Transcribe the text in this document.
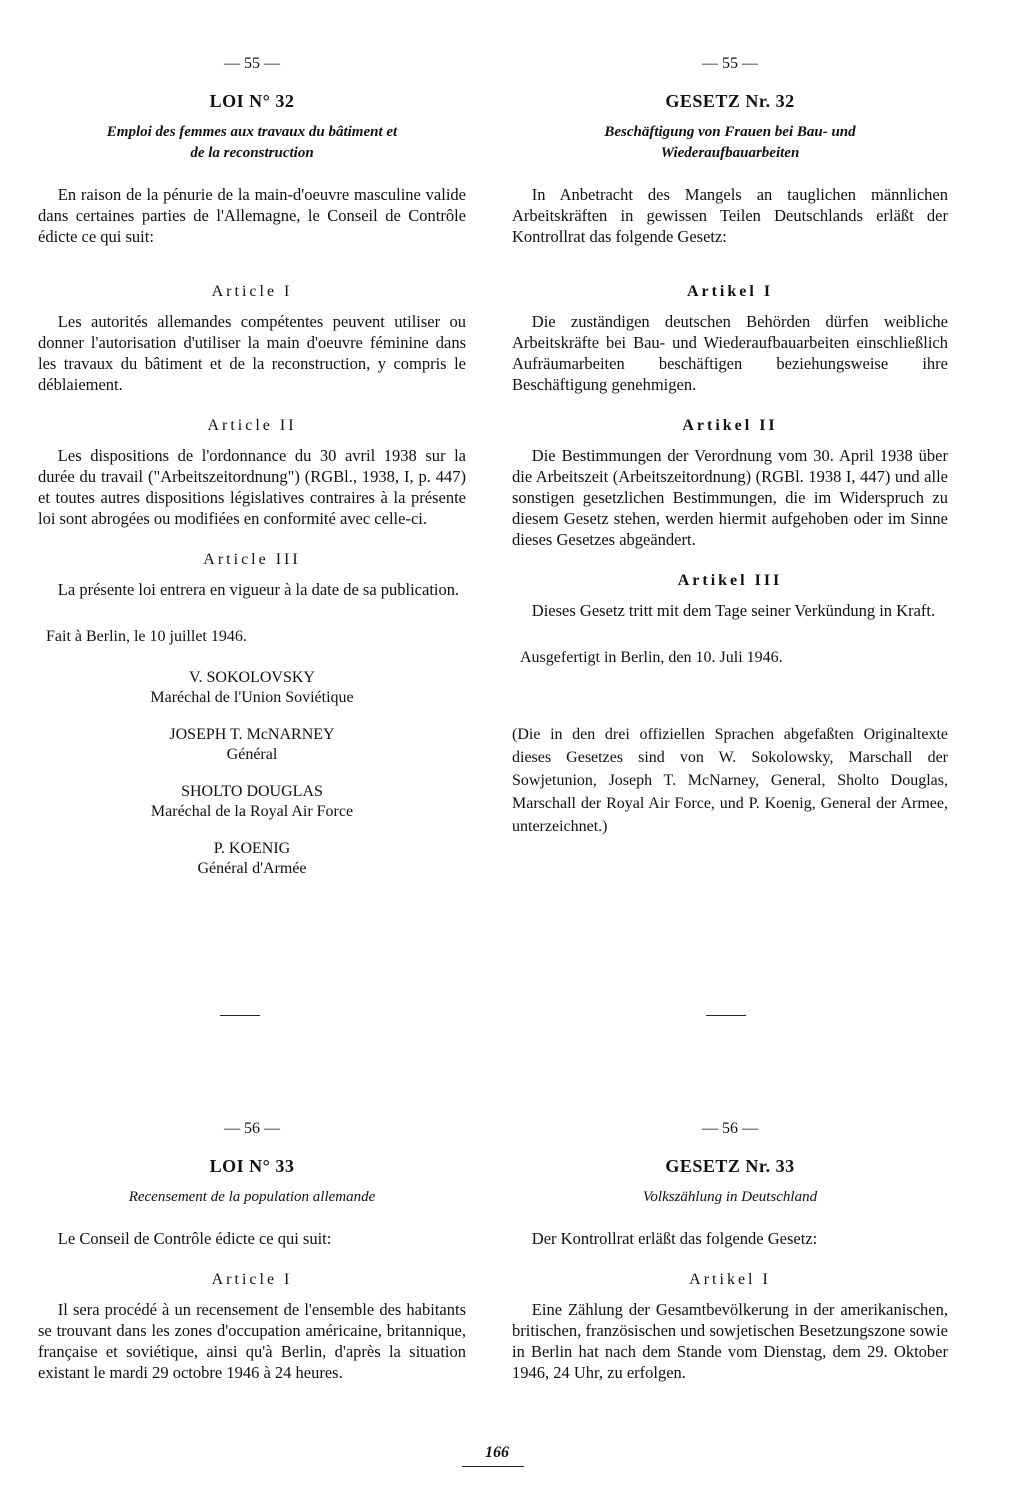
— 55 —

LOI N° 32

Emploi des femmes aux travaux du bâtiment et
de la reconstruction

En raison de la pénurie de la main-d'oeuvre masculine valide dans certaines parties de l'Allemagne, le Conseil de Contrôle édicte ce qui suit:

Article I

Les autorités allemandes compétentes peuvent utiliser ou donner l'autorisation d'utiliser la main d'oeuvre féminine dans les travaux du bâtiment et de la reconstruction, y compris le déblaiement.

Article II

Les dispositions de l'ordonnance du 30 avril 1938 sur la durée du travail ("Arbeitszeitordnung") (RGBl., 1938, I, p. 447) et toutes autres dispositions législatives contraires à la présente loi sont abrogées ou modifiées en conformité avec celle-ci.

Article III

La présente loi entrera en vigueur à la date de sa publication.

Fait à Berlin, le 10 juillet 1946.

V. SOKOLOVSKY
Maréchal de l'Union Soviétique
JOSEPH T. McNARNEY
Général
SHOLTO DOUGLAS
Maréchal de la Royal Air Force
P. KOENIG
Général d'Armée

— 55 —

GESETZ Nr. 32

Beschäftigung von Frauen bei Bau- und
Wiederaufbauarbeiten

In Anbetracht des Mangels an tauglichen männlichen Arbeitskräften in gewissen Teilen Deutschlands erläßt der Kontrollrat das folgende Gesetz:

Artikel I

Die zuständigen deutschen Behörden dürfen weibliche Arbeitskräfte bei Bau- und Wiederaufbauarbeiten einschließlich Aufräumarbeiten beschäftigen beziehungsweise ihre Beschäftigung genehmigen.

Artikel II

Die Bestimmungen der Verordnung vom 30. April 1938 über die Arbeitszeit (Arbeitszeitordnung) (RGBl. 1938 I, 447) und alle sonstigen gesetzlichen Bestimmungen, die im Widerspruch zu diesem Gesetz stehen, werden hiermit aufgehoben oder im Sinne dieses Gesetzes abgeändert.

Artikel III

Dieses Gesetz tritt mit dem Tage seiner Verkündung in Kraft.

Ausgefertigt in Berlin, den 10. Juli 1946.

(Die in den drei offiziellen Sprachen abgefaßten Originaltexte dieses Gesetzes sind von W. Sokolowsky, Marschall der Sowjetunion, Joseph T. McNarney, General, Sholto Douglas, Marschall der Royal Air Force, und P. Koenig, General der Armee, unterzeichnet.)

— 56 —

LOI N° 33

Recensement de la population allemande

Le Conseil de Contrôle édicte ce qui suit:

Article I

Il sera procédé à un recensement de l'ensemble des habitants se trouvant dans les zones d'occupation américaine, britannique, française et soviétique, ainsi qu'à Berlin, d'après la situation existant le mardi 29 octobre 1946 à 24 heures.

— 56 —

GESETZ Nr. 33

Volkszählung in Deutschland

Der Kontrollrat erläßt das folgende Gesetz:

Artikel I

Eine Zählung der Gesamtbevölkerung in der amerikanischen, britischen, französischen und sowjetischen Besetzungszone sowie in Berlin hat nach dem Stande vom Dienstag, dem 29. Oktober 1946, 24 Uhr, zu erfolgen.

166
